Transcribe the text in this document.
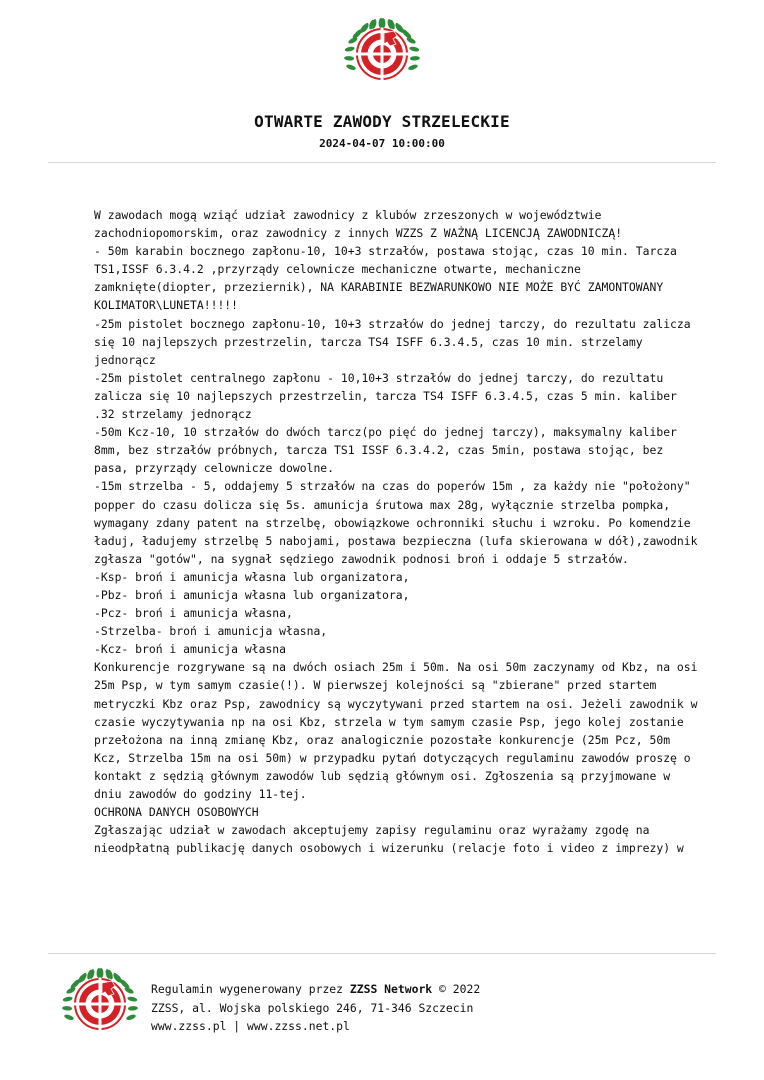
OTWARTE ZAWODY STRZELECKIE
2024-04-07 10:00:00
W zawodach mogą wziąć udział zawodnicy z klubów zrzeszonych w województwie
zachodniopomorskim, oraz zawodnicy z innych WZZS Z WAŻNĄ LICENCJĄ ZAWODNICZĄ!
- 50m karabin bocznego zapłonu-10, 10+3 strzałów, postawa stojąc, czas 10 min. Tarcza
TS1,ISSF 6.3.4.2 ,przyrządy celownicze mechaniczne otwarte, mechaniczne
zamknięte(diopter, przeziernik), NA KARABINIE BEZWARUNKOWO NIE MOŻE BYĆ ZAMONTOWANY
KOLIMATOR\LUNETA!!!!!
-25m pistolet bocznego zapłonu-10, 10+3 strzałów do jednej tarczy, do rezultatu zalicza
się 10 najlepszych przestrzelin, tarcza TS4 ISFF 6.3.4.5, czas 10 min. strzelamy
jednorącz
-25m pistolet centralnego zapłonu - 10,10+3 strzałów do jednej tarczy, do rezultatu
zalicza się 10 najlepszych przestrzelin, tarcza TS4 ISFF 6.3.4.5, czas 5 min. kaliber
.32 strzelamy jednorącz
-50m Kcz-10, 10 strzałów do dwóch tarcz(po pięć do jednej tarczy), maksymalny kaliber
8mm, bez strzałów próbnych, tarcza TS1 ISSF 6.3.4.2, czas 5min, postawa stojąc, bez
pasa, przyrządy celownicze dowolne.
-15m strzelba - 5, oddajemy 5 strzałów na czas do poperów 15m , za każdy nie "położony"
popper do czasu dolicza się 5s. amunicja śrutowa max 28g, wyłącznie strzelba pompka,
wymagany zdany patent na strzelbę, obowiązkowe ochronniki słuchu i wzroku. Po komendzie
ładuj, ładujemy strzelbę 5 nabojami, postawa bezpieczna (lufa skierowana w dół),zawodnik
zgłasza "gotów", na sygnał sędziego zawodnik podnosi broń i oddaje 5 strzałów.
-Ksp- broń i amunicja własna lub organizatora,
-Pbz- broń i amunicja własna lub organizatora,
-Pcz- broń i amunicja własna,
-Strzelba- broń i amunicja własna,
-Kcz- broń i amunicja własna
Konkurencje rozgrywane są na dwóch osiach 25m i 50m. Na osi 50m zaczynamy od Kbz, na osi
25m Psp, w tym samym czasie(!). W pierwszej kolejności są "zbierane" przed startem
metryczki Kbz oraz Psp, zawodnicy są wyczytywani przed startem na osi. Jeżeli zawodnik w
czasie wyczytywania np na osi Kbz, strzela w tym samym czasie Psp, jego kolej zostanie
przełożona na inną zmianę Kbz, oraz analogicznie pozostałe konkurencje (25m Pcz, 50m
Kcz, Strzelba 15m na osi 50m) w przypadku pytań dotyczących regulaminu zawodów proszę o
kontakt z sędzią głównym zawodów lub sędzią głównym osi. Zgłoszenia są przyjmowane w
dniu zawodów do godziny 11-tej.
OCHRONA DANYCH OSOBOWYCH
Zgłaszając udział w zawodach akceptujemy zapisy regulaminu oraz wyrażamy zgodę na
nieodpłatną publikację danych osobowych i wizerunku (relacje foto i video z imprezy) w
Regulamin wygenerowany przez ZZSS Network © 2022
ZZSS, al. Wojska polskiego 246, 71-346 Szczecin
www.zzss.pl | www.zzss.net.pl
